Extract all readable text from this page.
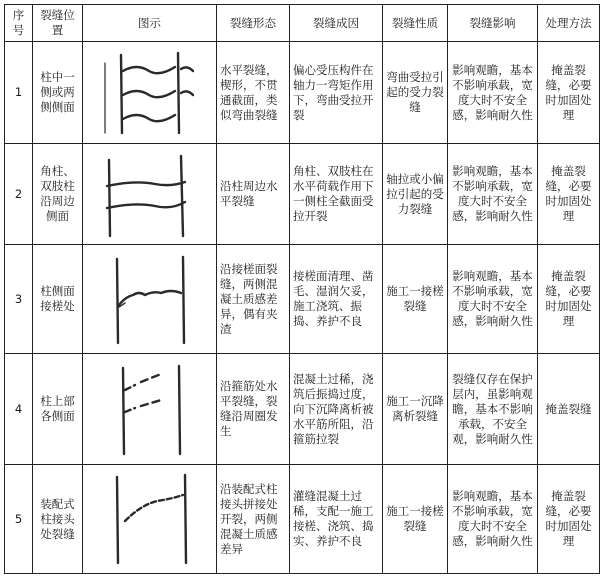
序号	裂缝位置	图示	裂缝形态	裂缝成因	裂缝性质	裂缝影响	处理方法
1	柱中一侧或两侧侧面		水平裂缝，楔形，不贯通截面，类似弯曲裂缝	偏心受压构件在轴力一弯矩作用下，弯曲受拉开裂	弯曲受拉引起的受力裂缝	影响观瞻，基本不影响承载，宽度大时不安全感，影响耐久性	掩盖裂缝，必要时加固处理
2	角柱、双肢柱沿周边侧面		沿柱周边水平裂缝	角柱、双肢柱在水平荷载作用下一侧柱全截面受拉开裂	轴拉或小偏拉引起的受力裂缝	影响观瞻，基本不影响承载，宽度大时不安全感，影响耐久性	掩盖裂缝，必要时加固处理
3	柱侧面接槎处		沿接槎面裂缝，两侧混凝土质感差异，偶有夹渣	接槎面清理、凿毛、湿润欠妥，施工浇筑、振捣、养护不良	施工一接槎裂缝	影响观瞻，基本不影响承载，宽度大时不安全感，影响耐久性	掩盖裂缝，必要时加固处理
4	柱上部各侧面		沿箍筋处水平裂缝，裂缝沿周圈发生	混凝土过稀，浇筑后振捣过度，向下沉降离析被水平筋所阻，沿箍筋拉裂	施工一沉降离析裂缝	裂缝仅存在保护层内，虽影响观瞻，基本不影响承载，不安全观，影响耐久性	掩盖裂缝
5	装配式柱接头处裂缝		沿装配式柱接头拼接处开裂，两侧混凝土质感差异	灌缝混凝土过稀，支配一施工接槎、浇筑、捣实、养护不良	施工一接槎裂缝	影响观瞻，基本不影响承载，宽度大时不安全感，影响耐久性	掩盖裂缝，必要时加固处理
